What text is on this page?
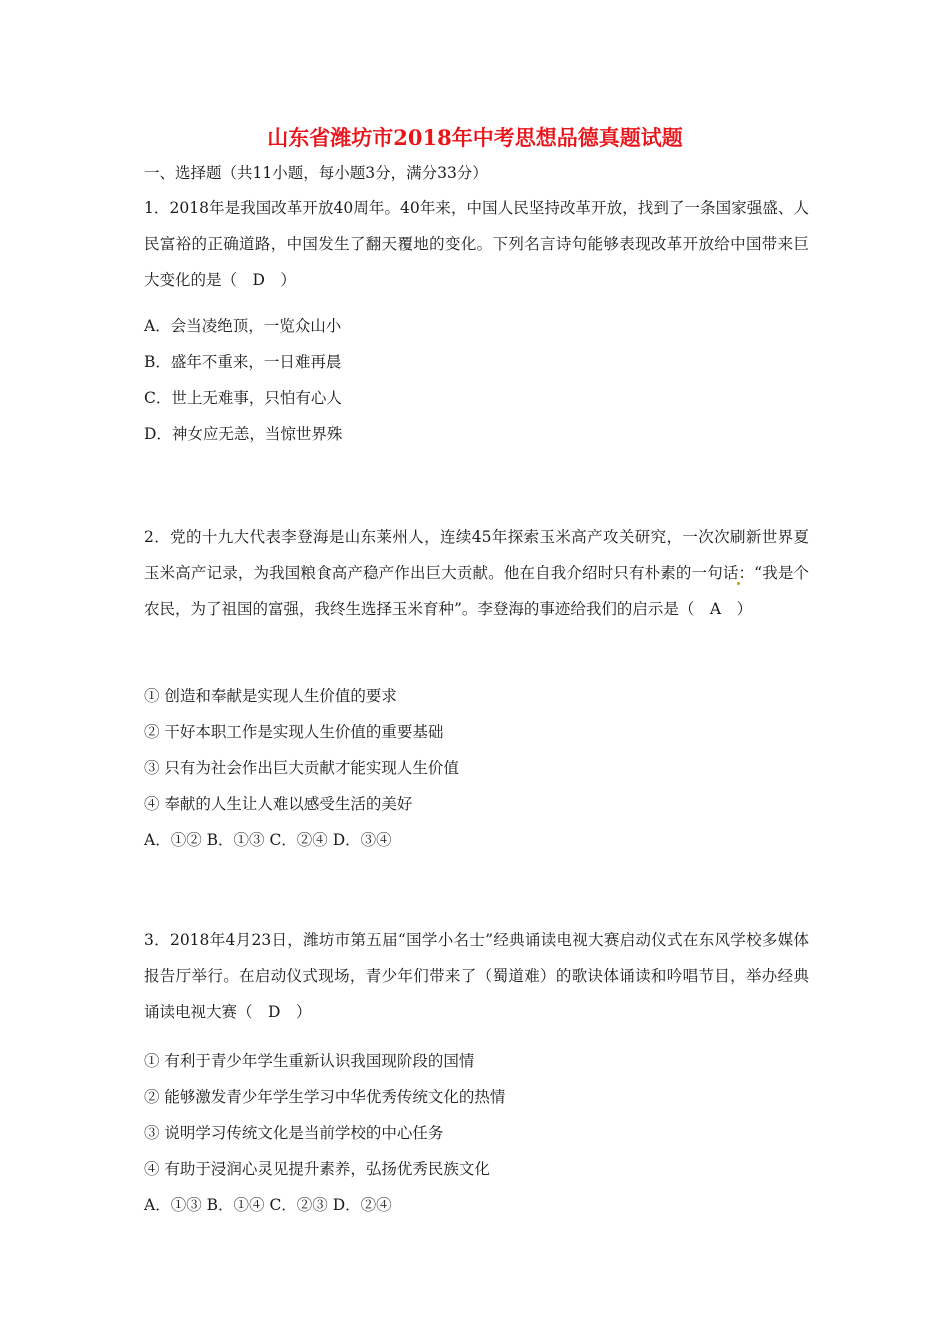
山东省潍坊市2018年中考思想品德真题试题
一、选择题（共11小题，每小题3分，满分33分）
1．2018年是我国改革开放40周年。40年来，中国人民坚持改革开放，找到了一条国家强盛、人民富裕的正确道路，中国发生了翻天覆地的变化。下列名言诗句能够表现改革开放给中国带来巨大变化的是（　D　）
A．会当凌绝顶，一览众山小
B．盛年不重来，一日难再晨
C．世上无难事，只怕有心人
D．神女应无恙，当惊世界殊
2．党的十九大代表李登海是山东莱州人，连续45年探索玉米高产攻关研究，一次次刷新世界夏玉米高产记录，为我国粮食高产稳产作出巨大贡献。他在自我介绍时只有朴素的一句话：“我是个农民，为了祖国的富强，我终生选择玉米育种”。李登海的事迹给我们的启示是（　A　）
① 创造和奉献是实现人生价值的要求
② 干好本职工作是实现人生价值的重要基础
③ 只有为社会作出巨大贡献才能实现人生价值
④ 奉献的人生让人难以感受生活的美好
A．①② B．①③ C．②④ D．③④
3．2018年4月23日，潍坊市第五届“国学小名士”经典诵读电视大赛启动仪式在东风学校多媒体报告厅举行。在启动仪式现场，青少年们带来了（蜀道难）的歌诀体诵读和吟唱节目，举办经典诵读电视大赛（　D　）
① 有利于青少年学生重新认识我国现阶段的国情
② 能够激发青少年学生学习中华优秀传统文化的热情
③ 说明学习传统文化是当前学校的中心任务
④ 有助于浸润心灵见提升素养，弘扬优秀民族文化
A．①③ B．①④ C．②③ D．②④
